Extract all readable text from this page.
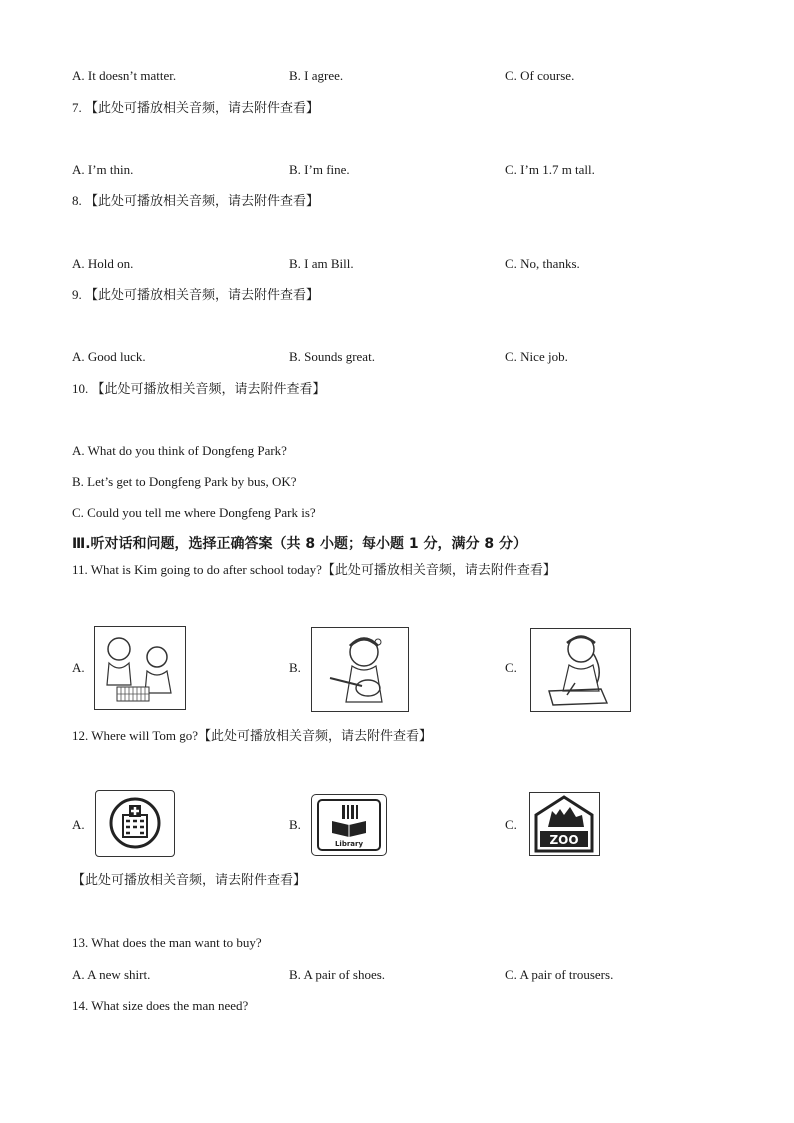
A. It doesn’t matter.	B. I agree.	C. Of course.
7. 【此处可播放相关音频，请去附件查看】
A. I’m thin.	B. I’m fine.	C. I’m 1.7 m tall.
8. 【此处可播放相关音频，请去附件查看】
A. Hold on.	B. I am Bill.	C. No, thanks.
9. 【此处可播放相关音频，请去附件查看】
A. Good luck.	B. Sounds great.	C. Nice job.
10. 【此处可播放相关音频，请去附件查看】
A. What do you think of Dongfeng Park?
B. Let’s get to Dongfeng Park by bus, OK?
C. Could you tell me where Dongfeng Park is?
Ⅲ.听对话和问题，选择正确答案（共 8 小题；每小题 1 分，满分 8 分）
11. What is Kim going to do after school today?【此处可播放相关音频，请去附件查看】
A.	B.	C.
12. Where will Tom go?【此处可播放相关音频，请去附件查看】
A.	B.
Library
C.
ZOO
【此处可播放相关音频，请去附件查看】
13. What does the man want to buy?
A. A new shirt.	B. A pair of shoes.	C. A pair of trousers.
14. What size does the man need?
